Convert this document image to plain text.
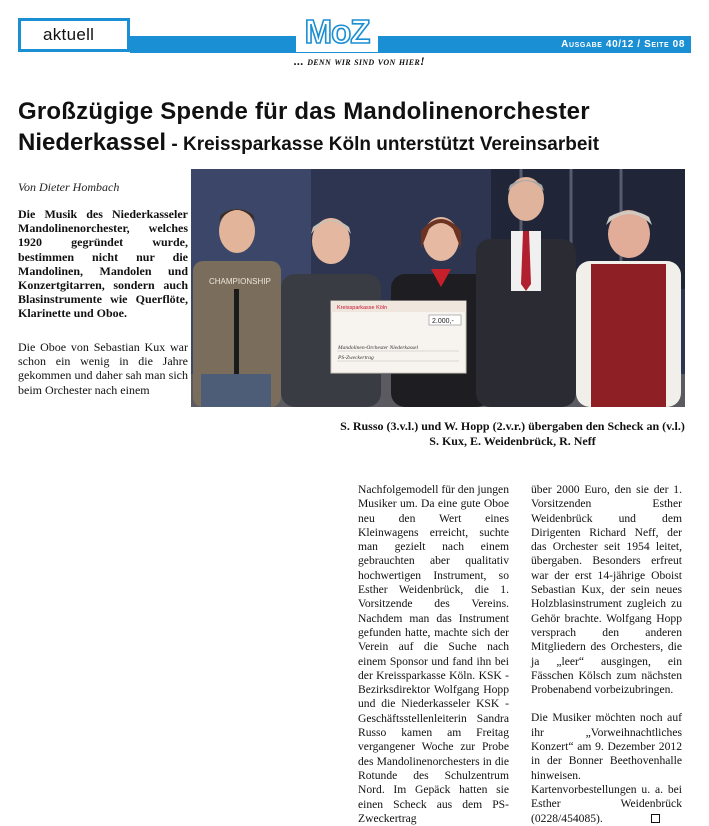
aktuell
Ausgabe 40/12 / Seite 08
MoZ
... denn wir sind von hier!
Großzügige Spende für das Mandolinenorchester
Niederkassel - Kreissparkasse Köln unterstützt Vereinsarbeit
Von Dieter Hombach
Die Musik des Niederkasseler Mandolinenorchester, welches 1920 gegründet wurde, bestimmen nicht nur die Mandolinen, Mandolen und Konzertgitarren, sondern auch Blasinstrumente wie Querflöte, Klarinette und Oboe.
Die Oboe von Sebastian Kux war schon ein wenig in die Jahre gekommen und daher sah man sich beim Orchester nach einem
CHAMPIONSHIP
Kreissparkasse Köln
2.000,-
Mandolinen-Orchester Niederkassel
PS-Zweckertrag
S. Russo (3.v.l.) und W. Hopp (2.v.r.) übergaben den Scheck an (v.l.) S. Kux, E. Weidenbrück, R. Neff

Nachfolgemodell für den jungen Musiker um. Da eine gute Oboe neu den Wert eines Kleinwagens erreicht, suchte man gezielt nach einem gebrauchten aber qualitativ hochwertigen Instrument, so Esther Weidenbrück, die 1. Vorsitzende des Vereins. Nachdem man das Instrument gefunden hatte, machte sich der Verein auf die Suche nach einem Sponsor und fand ihn bei der Kreissparkasse Köln. KSK - Bezirksdirektor Wolfgang Hopp und die Niederkasseler KSK - Geschäftsstellenleiterin Sandra Russo kamen am Freitag vergangener Woche zur Probe des Mandolinenorchesters in die Rotunde des Schulzentrum Nord. Im Gepäck hatten sie einen Scheck aus dem PS-Zweckertrag

über 2000 Euro, den sie der 1. Vorsitzenden Esther Weidenbrück und dem Dirigenten Richard Neff, der das Orchester seit 1954 leitet, übergaben. Besonders erfreut war der erst 14-jährige Oboist Sebastian Kux, der sein neues Holzblasinstrument zugleich zu Gehör brachte. Wolfgang Hopp versprach den anderen Mitgliedern des Orchesters, die ja „leer“ ausgingen, ein Fässchen Kölsch zum nächsten Probenabend vorbeizubringen.

Die Musiker möchten noch auf ihr „Vorweihnachtliches Konzert“ am 9. Dezember 2012 in der Bonner Beethovenhalle hinweisen. Kartenvorbestellungen u. a. bei Esther Weidenbrück (0228/454085).
